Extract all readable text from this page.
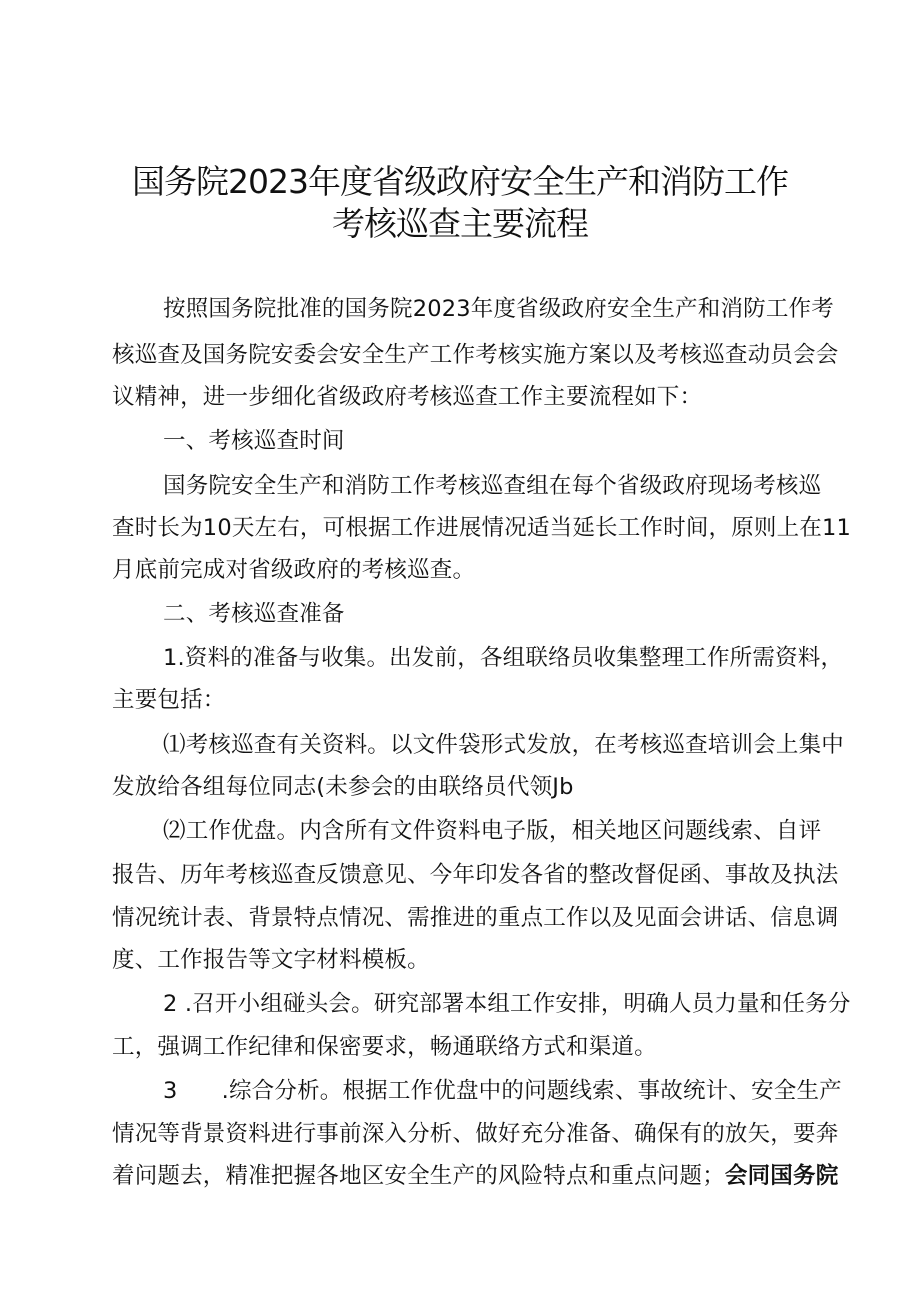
国务院2023年度省级政府安全生产和消防工作
考核巡查主要流程
按照国务院批准的国务院2023年度省级政府安全生产和消防工作考
核巡查及国务院安委会安全生产工作考核实施方案以及考核巡查动员会会
议精神，进一步细化省级政府考核巡查工作主要流程如下：
一、考核巡查时间
国务院安全生产和消防工作考核巡查组在每个省级政府现场考核巡
查时长为10天左右，可根据工作进展情况适当延长工作时间，原则上在11
月底前完成对省级政府的考核巡查。
二、考核巡查准备
1.资料的准备与收集。出发前，各组联络员收集整理工作所需资料，
主要包括：
⑴考核巡查有关资料。以文件袋形式发放，在考核巡查培训会上集中
发放给各组每位同志(未参会的由联络员代领Jb
⑵工作优盘。内含所有文件资料电子版，相关地区问题线索、自评
报告、历年考核巡查反馈意见、今年印发各省的整改督促函、事故及执法
情况统计表、背景特点情况、需推进的重点工作以及见面会讲话、信息调
度、工作报告等文字材料模板。
2 .召开小组碰头会。研究部署本组工作安排，明确人员力量和任务分
工，强调工作纪律和保密要求，畅通联络方式和渠道。
3      .综合分析。根据工作优盘中的问题线索、事故统计、安全生产
情况等背景资料进行事前深入分析、做好充分准备、确保有的放矢，要奔
着问题去，精准把握各地区安全生产的风险特点和重点问题；会同国务院
